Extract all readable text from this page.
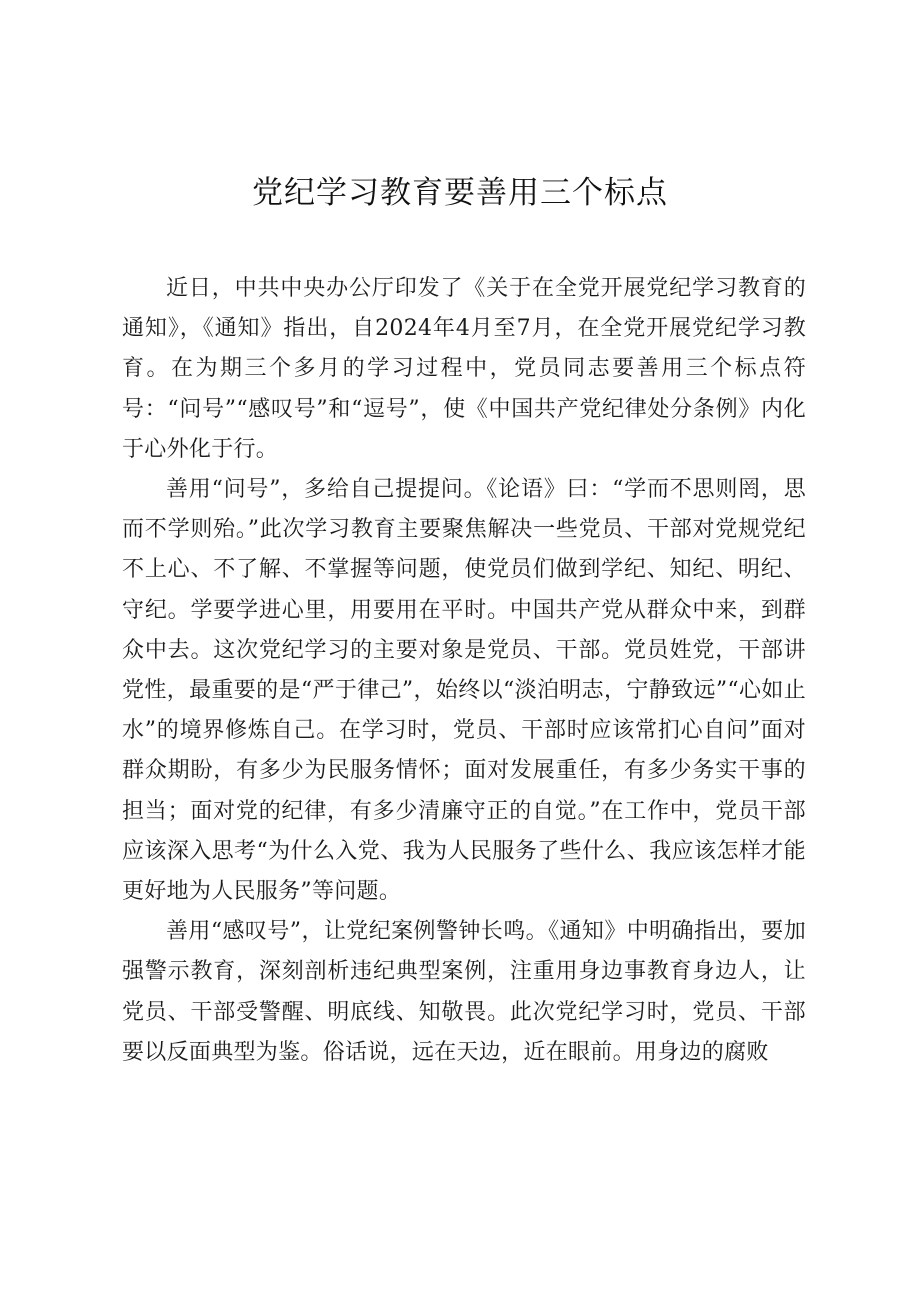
党纪学习教育要善用三个标点

近日，中共中央办公厅印发了《关于在全党开展党纪学习教育的通知》，《通知》指出，自2024年4月至7月，在全党开展党纪学习教育。在为期三个多月的学习过程中，党员同志要善用三个标点符号：“问号”“感叹号”和“逗号”，使《中国共产党纪律处分条例》内化于心外化于行。

善用“问号”，多给自己提提问。《论语》曰：“学而不思则罔，思而不学则殆。”此次学习教育主要聚焦解决一些党员、干部对党规党纪不上心、不了解、不掌握等问题，使党员们做到学纪、知纪、明纪、守纪。学要学进心里，用要用在平时。中国共产党从群众中来，到群众中去。这次党纪学习的主要对象是党员、干部。党员姓党，干部讲党性，最重要的是“严于律己”，始终以“淡泊明志，宁静致远”“心如止水”的境界修炼自己。在学习时，党员、干部时应该常扪心自问”面对群众期盼，有多少为民服务情怀；面对发展重任，有多少务实干事的担当；面对党的纪律，有多少清廉守正的自觉。”在工作中，党员干部应该深入思考“为什么入党、我为人民服务了些什么、我应该怎样才能更好地为人民服务”等问题。

善用“感叹号”，让党纪案例警钟长鸣。《通知》中明确指出，要加强警示教育，深刻剖析违纪典型案例，注重用身边事教育身边人，让党员、干部受警醒、明底线、知敬畏。此次党纪学习时，党员、干部要以反面典型为鉴。俗话说，远在天边，近在眼前。用身边的腐败
